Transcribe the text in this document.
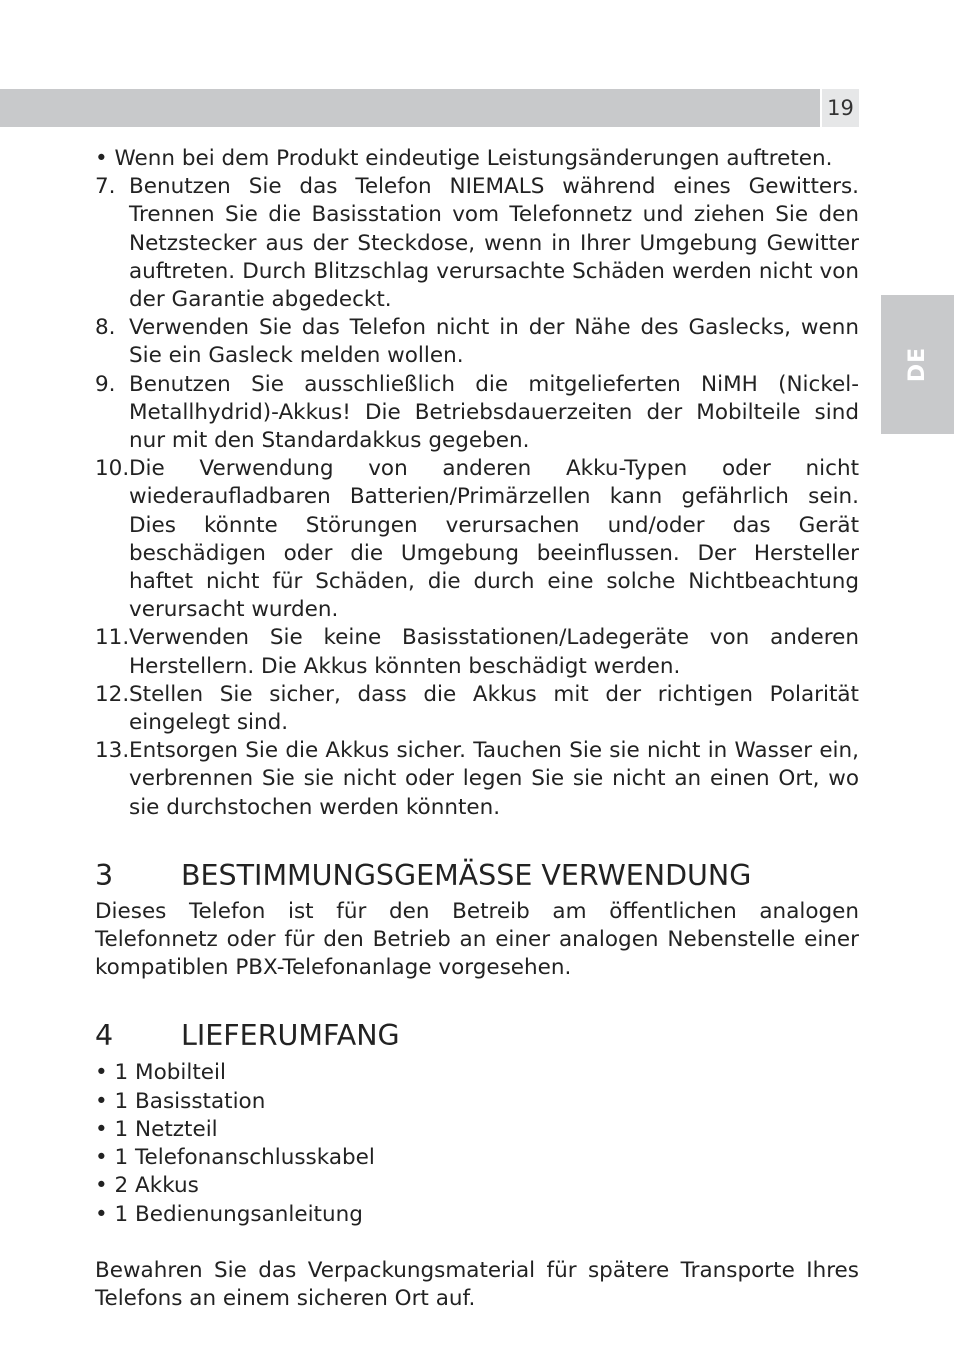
19
DE

• Wenn bei dem Produkt eindeutige Leistungsänderungen auftreten.

7. Benutzen Sie das Telefon NIEMALS während eines Gewitters. Trennen Sie die Basisstation vom Telefonnetz und ziehen Sie den Netzstecker aus der Steckdose, wenn in Ihrer Umgebung Gewitter auftreten. Durch Blitzschlag verursachte Schäden werden nicht von der Garantie abgedeckt.
8. Verwenden Sie das Telefon nicht in der Nähe des Gaslecks, wenn Sie ein Gasleck melden wollen.
9. Benutzen Sie ausschließlich die mitgelieferten NiMH (Nickel-Metallhydrid)-Akkus! Die Betriebsdauerzeiten der Mobilteile sind nur mit den Standardakkus gegeben.
10. Die Verwendung von anderen Akku-Typen oder nicht wiederaufladbaren Batterien/Primärzellen kann gefährlich sein. Dies könnte Störungen verursachen und/oder das Gerät beschädigen oder die Umgebung beeinflussen. Der Hersteller haftet nicht für Schäden, die durch eine solche Nichtbeachtung verursacht wurden.
11. Verwenden Sie keine Basisstationen/Ladegeräte von anderen Herstellern. Die Akkus könnten beschädigt werden.
12. Stellen Sie sicher, dass die Akkus mit der richtigen Polarität eingelegt sind.
13. Entsorgen Sie die Akkus sicher. Tauchen Sie sie nicht in Wasser ein, verbrennen Sie sie nicht oder legen Sie sie nicht an einen Ort, wo sie durchstochen werden könnten.
3	BESTIMMUNGSGEMÄSSE VERWENDUNG

Dieses Telefon ist für den Betreib am öffentlichen analogen Telefonnetz oder für den Betrieb an einer analogen Nebenstelle einer kompatiblen PBX-Telefonanlage vorgesehen.

4	LIEFERUMFANG
• 1 Mobilteil
• 1 Basisstation
• 1 Netzteil
• 1 Telefonanschlusskabel
• 2 Akkus
• 1 Bedienungsanleitung

Bewahren Sie das Verpackungsmaterial für spätere Transporte Ihres Telefons an einem sicheren Ort auf.
